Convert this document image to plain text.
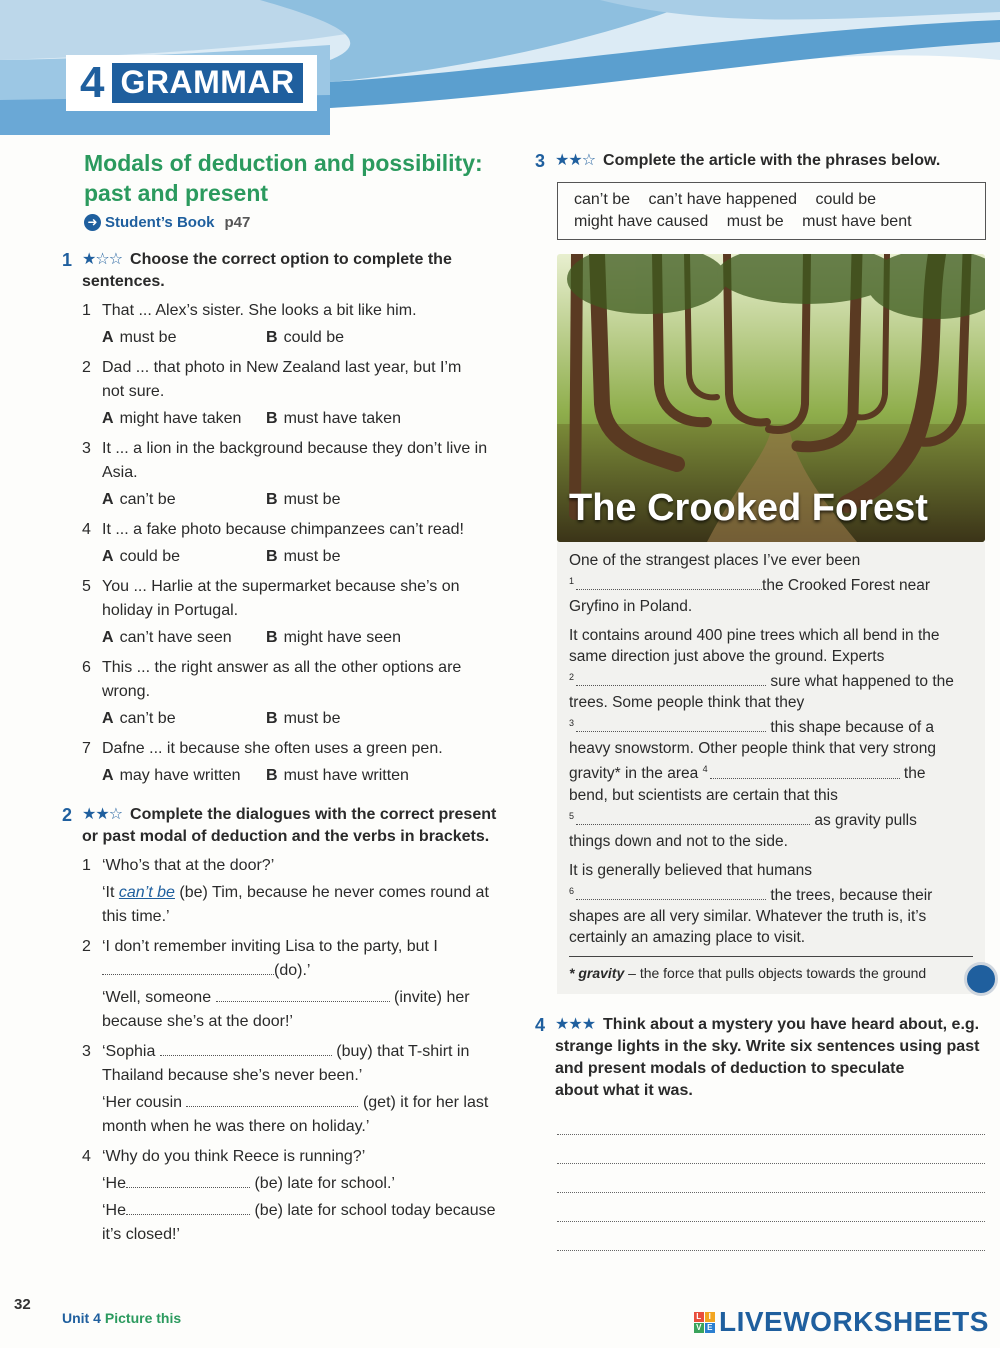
4 GRAMMAR
Modals of deduction and possibility:
past and present
➜ Student’s Book p47
1 ★☆☆ Choose the correct option to complete the
sentences.
1 That ... Alex’s sister. She looks a bit like him.
A must be	B could be
2 Dad ... that photo in New Zealand last year, but I’m
not sure.
A might have taken	B must have taken
3 It ... a lion in the background because they don’t live in
Asia.
A can’t be	B must be
4 It ... a fake photo because chimpanzees can’t read!
A could be	B must be
5 You ... Harlie at the supermarket because she’s on
holiday in Portugal.
A can’t have seen	B might have seen
6 This ... the right answer as all the other options are
wrong.
A can’t be	B must be
7 Dafne ... it because she often uses a green pen.
A may have written	B must have written
2 ★★☆ Complete the dialogues with the correct present
or past modal of deduction and the verbs in brackets.
1 ‘Who’s that at the door?’
‘It can’t be (be) Tim, because he never comes round at
this time.’
2 ‘I don’t remember inviting Lisa to the party, but I
(do).’
‘Well, someone	(invite) her
because she’s at the door!’
3 ‘Sophia	(buy) that T-shirt in
Thailand because she’s never been.’
‘Her cousin	(get) it for her last
month when he was there on holiday.’
4 ‘Why do you think Reece is running?’
‘He	(be) late for school.’
‘He	(be) late for school today because
it’s closed!’
3 ★★☆ Complete the article with the phrases below.
can’t be can’t have happened could be might have caused must be must have bent
The Crooked Forest

One of the strangest places I’ve ever been
$^1$	the Crooked Forest near
Gryfino in Poland.

It contains around 400 pine trees which all bend in the
same direction just above the ground. Experts
$^2$	sure what happened to the
trees. Some people think that they
$^3$	this shape because of a
heavy snowstorm. Other people think that very strong
gravity* in the area $^4$	the
bend, but scientists are certain that this
$^5$	as gravity pulls
things down and not to the side.

It is generally believed that humans
$^6$	the trees, because their
shapes are all very similar. Whatever the truth is, it’s
certainly an amazing place to visit.

* gravity – the force that pulls objects towards the ground
4 ★★★ Think about a mystery you have heard about, e.g.
strange lights in the sky. Write six sentences using past
and present modals of deduction to speculate
about what it was.
32
Unit 4 Picture this	L I
V E LIVEWORKSHEETS
